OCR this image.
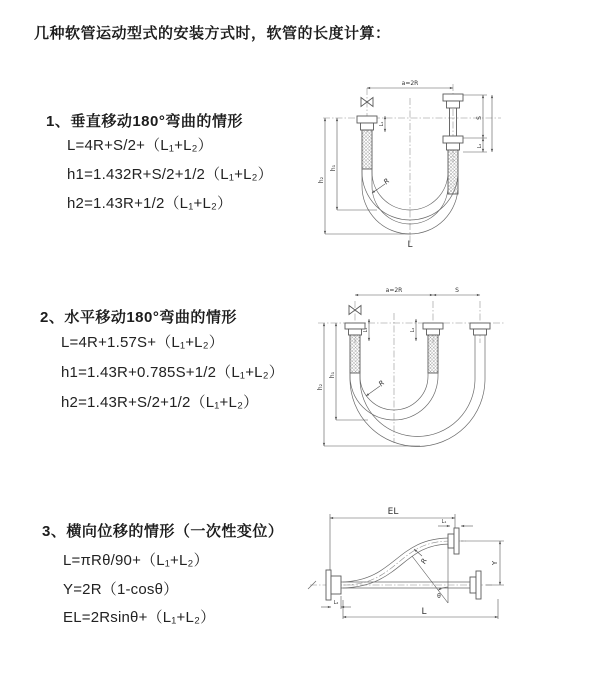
几种软管运动型式的安装方式时，软管的长度计算：
1、垂直移动180°弯曲的情形
L=4R+S/2+（L₁+L₂）
h1=1.432R+S/2+1/2（L₁+L₂）
h2=1.43R+1/2（L₁+L₂）
a=2R
h₂
h₁
L₁
S
L₂
R
L
2、水平移动180°弯曲的情形
L=4R+1.57S+（L₁+L₂）
h1=1.43R+0.785S+1/2（L₁+L₂）
h2=1.43R+S/2+1/2（L₁+L₂）
a=2R	S
h₂
h₁
L₁	L₂
R
3、横向位移的情形（一次性变位）
L=πRθ/90+（L₁+L₂）
Y=2R（1-cosθ）
EL=2Rsinθ+（L₁+L₂）
θ
EL
L₁
Y
L
L₂
R
